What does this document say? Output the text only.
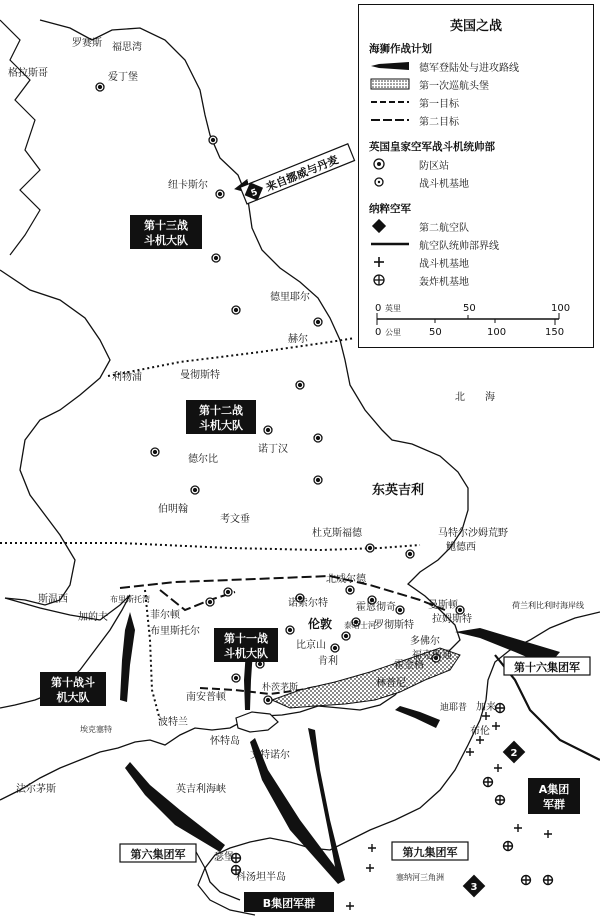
罗赛斯 福思湾
格拉斯哥	爱丁堡
纽卡斯尔
德里耶尔
赫尔
利物浦	曼彻斯特
德尔比
诺丁汉
伯明翰
考文垂
北　　海
东英吉利
杜克斯福德	马特尔沙姆荒野
鲍德西
北威尔德
斯温西
加的夫
布里斯托湾
菲尔顿
布里斯托尔
诺索尔特	霍恩彻奇
伦敦 泰晤士河
比京山
肯利
罗彻斯特
曼斯顿
拉姆斯特
多佛尔
福克斯通
霍金格
林普尼
南安普顿
朴茨茅斯
埃克塞特
波特兰
怀特岛
文特诺尔
英吉利海峡
法尔茅斯
瑟堡
科汤坦半岛
加来
布伦
迪耶普
荷兰利比利时海岸线
塞纳河三角洲
第十三战
斗机大队
第十二战
斗机大队
第十一战
斗机大队
第十战斗
机大队
5 来自挪威与丹麦
第十六集团军
第九集团军
第六集团军
A集团
军群
B集团军群
2
3
英国之战
海狮作战计划
德军登陆处与进攻路线
第一次巡航头堡
第一目标
第二目标
英国皇家空军战斗机统帅部
防区站
战斗机基地
纳粹空军
第二航空队
航空队统帅部界线
战斗机基地
轰炸机基地
0 英里	50	100
0 公里	50	100	150
